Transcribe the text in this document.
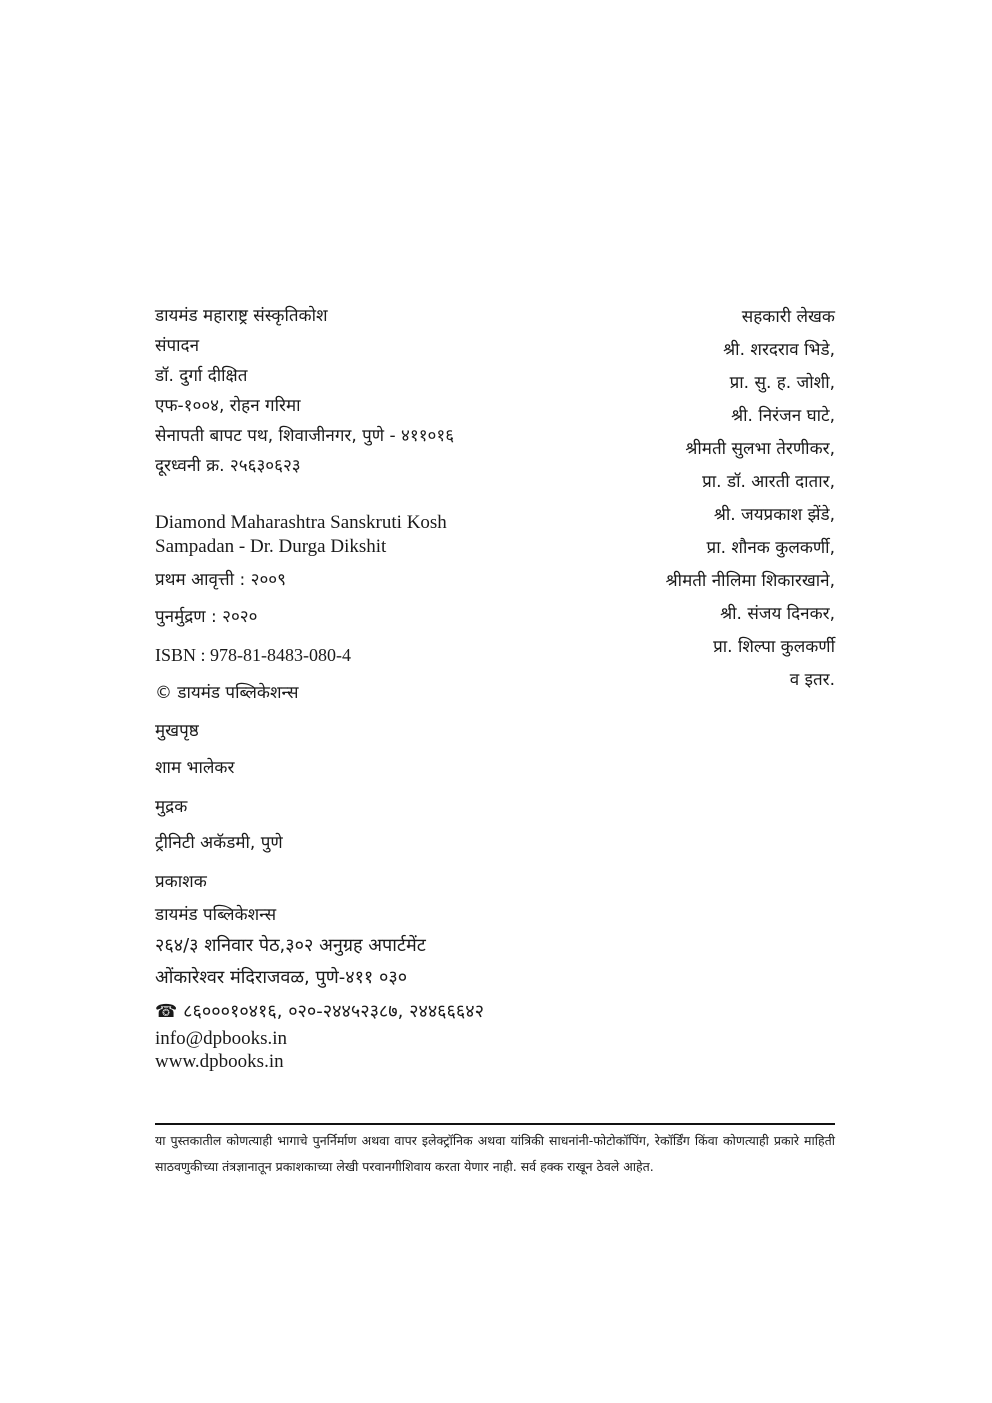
डायमंड महाराष्ट्र संस्कृतिकोश
संपादन
डॉ. दुर्गा दीक्षित
एफ-१००४, रोहन गरिमा
सेनापती बापट पथ, शिवाजीनगर, पुणे - ४११०१६
दूरध्वनी क्र. २५६३०६२३
Diamond Maharashtra Sanskruti Kosh
Sampadan - Dr. Durga Dikshit
प्रथम आवृत्ती : २००९
पुनर्मुद्रण : २०२०
ISBN : 978-81-8483-080-4
© डायमंड पब्लिकेशन्स
मुखपृष्ठ
शाम भालेकर
मुद्रक
ट्रीनिटी अकॅडमी, पुणे
प्रकाशक
डायमंड पब्लिकेशन्स
२६४/३ शनिवार पेठ,३०२ अनुग्रह अपार्टमेंट
ओंकारेश्वर मंदिराजवळ, पुणे-४११ ०३०
☎ ८६०००१०४१६, ०२०-२४४५२३८७, २४४६६६४२
info@dpbooks.in
www.dpbooks.in
सहकारी लेखक
श्री. शरदराव भिडे,
प्रा. सु. ह. जोशी,
श्री. निरंजन घाटे,
श्रीमती सुलभा तेरणीकर,
प्रा. डॉ. आरती दातार,
श्री. जयप्रकाश झेंडे,
प्रा. शौनक कुलकर्णी,
श्रीमती नीलिमा शिकारखाने,
श्री. संजय दिनकर,
प्रा. शिल्पा कुलकर्णी
व इतर.
या पुस्तकातील कोणत्याही भागाचे पुनर्निर्माण अथवा वापर इलेक्ट्रॉनिक अथवा यांत्रिकी साधनांनी-फोटोकॉपिंग, रेकॉर्डिंग किंवा कोणत्याही प्रकारे माहिती साठवणुकीच्या तंत्रज्ञानातून प्रकाशकाच्या लेखी परवानगीशिवाय करता येणार नाही. सर्व हक्क राखून ठेवले आहेत.
